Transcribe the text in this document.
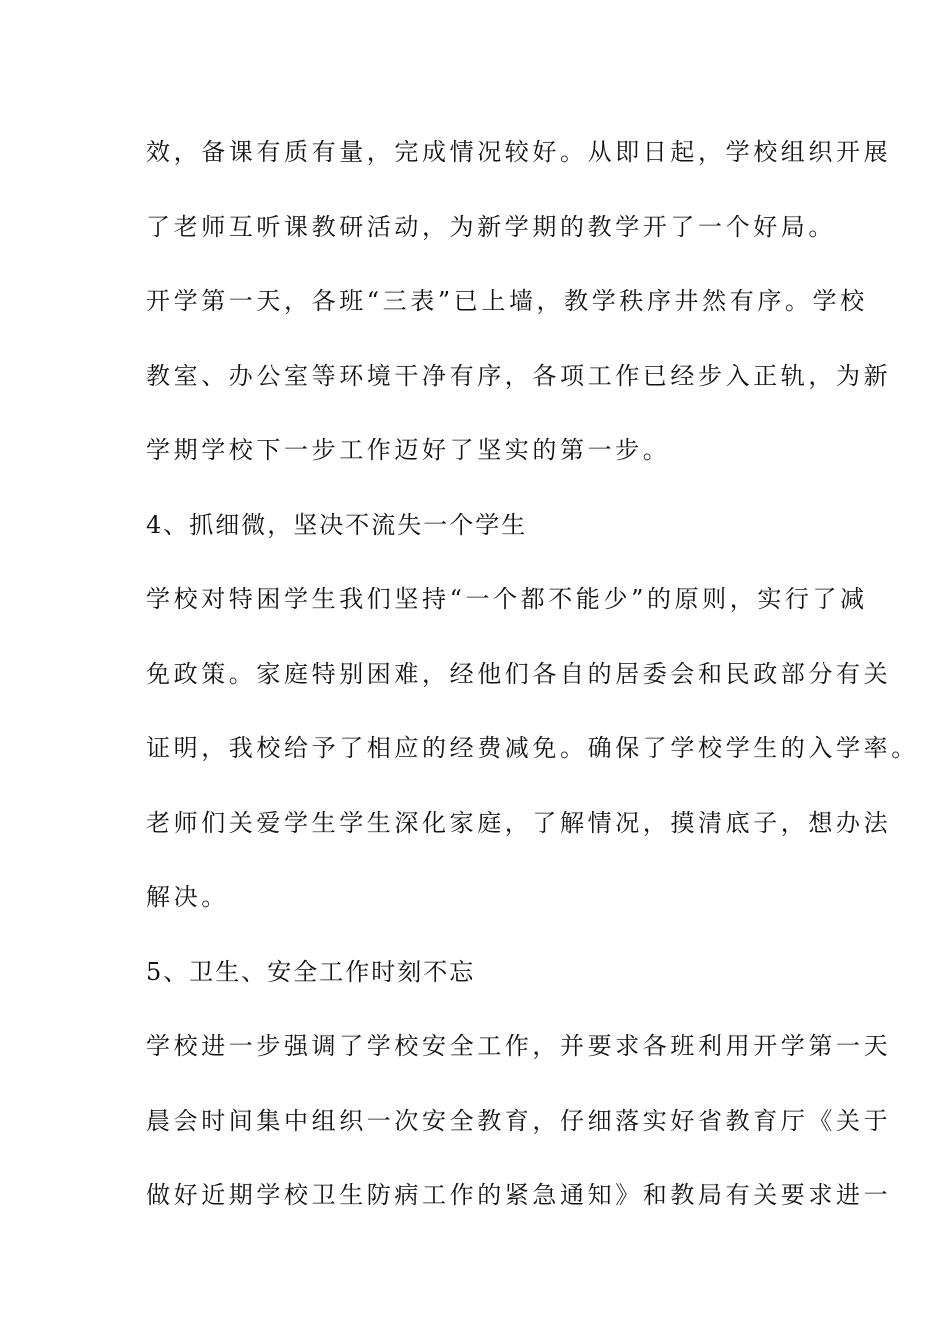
效，备课有质有量，完成情况较好。从即日起，学校组织开展
了老师互听课教研活动，为新学期的教学开了一个好局。
开学第一天，各班“三表”已上墙，教学秩序井然有序。学校
教室、办公室等环境干净有序，各项工作已经步入正轨，为新
学期学校下一步工作迈好了坚实的第一步。
4、抓细微，坚决不流失一个学生
学校对特困学生我们坚持“一个都不能少”的原则，实行了减
免政策。家庭特别困难，经他们各自的居委会和民政部分有关
证明，我校给予了相应的经费减免。确保了学校学生的入学率。
老师们关爱学生学生深化家庭，了解情况，摸清底子，想办法
解决。
5、卫生、安全工作时刻不忘
学校进一步强调了学校安全工作，并要求各班利用开学第一天
晨会时间集中组织一次安全教育，仔细落实好省教育厅《关于
做好近期学校卫生防病工作的紧急通知》和教局有关要求进一
